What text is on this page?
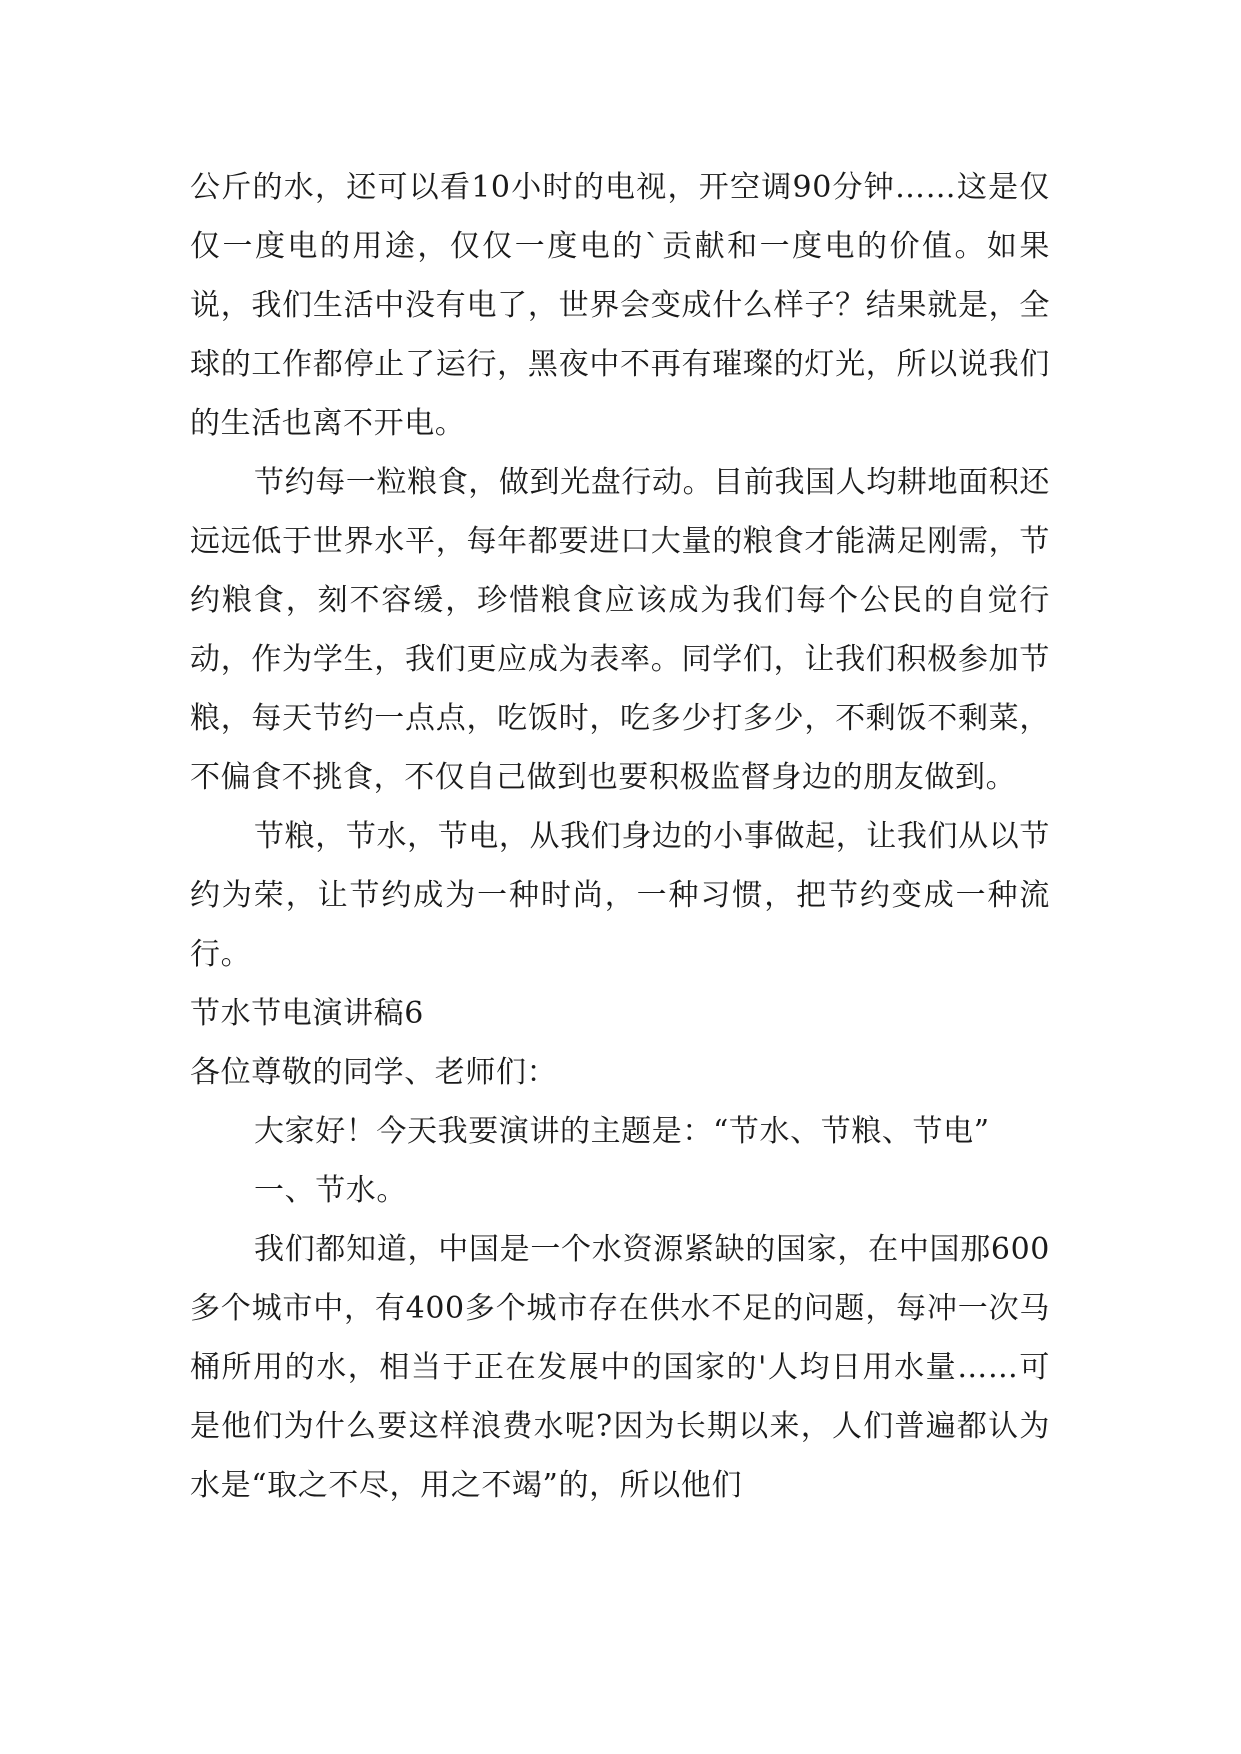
公斤的水，还可以看10小时的电视，开空调90分钟……这是仅仅一度电的用途，仅仅一度电的`贡献和一度电的价值。如果说，我们生活中没有电了，世界会变成什么样子？结果就是，全球的工作都停止了运行，黑夜中不再有璀璨的灯光，所以说我们的生活也离不开电。

节约每一粒粮食，做到光盘行动。目前我国人均耕地面积还远远低于世界水平，每年都要进口大量的粮食才能满足刚需，节约粮食，刻不容缓，珍惜粮食应该成为我们每个公民的自觉行动，作为学生，我们更应成为表率。同学们，让我们积极参加节粮，每天节约一点点，吃饭时，吃多少打多少，不剩饭不剩菜，不偏食不挑食，不仅自己做到也要积极监督身边的朋友做到。

节粮，节水，节电，从我们身边的小事做起，让我们从以节约为荣，让节约成为一种时尚，一种习惯，把节约变成一种流行。

节水节电演讲稿6

各位尊敬的同学、老师们：

大家好！今天我要演讲的主题是：“节水、节粮、节电”

一、节水。

我们都知道，中国是一个水资源紧缺的国家，在中国那600多个城市中，有400多个城市存在供水不足的问题，每冲一次马桶所用的水，相当于正在发展中的国家的'人均日用水量……可是他们为什么要这样浪费水呢?因为长期以来，人们普遍都认为水是“取之不尽，用之不竭”的，所以他们
